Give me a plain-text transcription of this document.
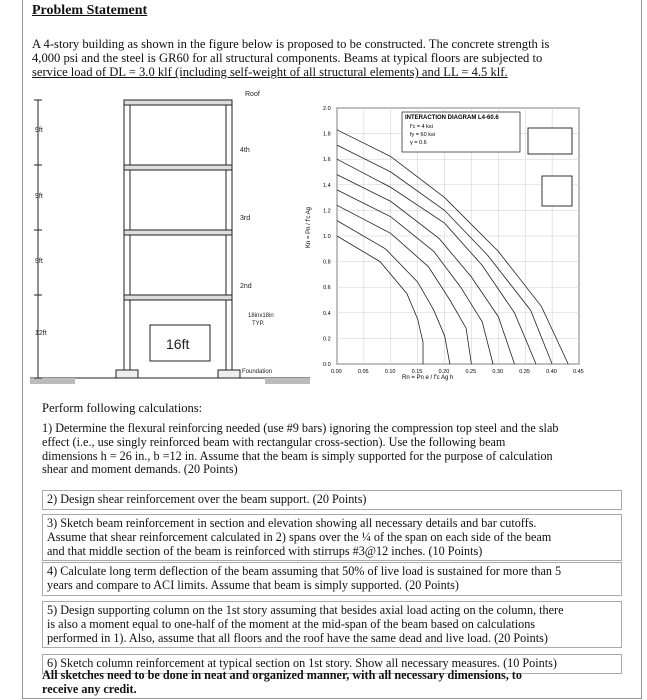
Problem Statement
A 4-story building as shown in the figure below is proposed to be constructed. The concrete strength is
4,000 psi and the steel is GR60 for all structural components. Beams at typical floors are subjected to
service load of DL = 3.0 klf (including self-weight of all structural elements) and LL = 4.5 klf.
Roof
9ft
9ft
9ft
12ft
4th
3rd
2nd
18inx18in
TYP.
Foundation
16ft
0.00	0.05	0.10	0.15	0.20	0.25	0.30	0.35	0.40	0.45
0.0
0.2
0.4
0.6
0.8
1.0
1.2
1.4
1.6
1.8
2.0
INTERACTION DIAGRAM L4-60.6
f'c = 4 ksi
fy = 60 ksi
γ = 0.6
Rn = Pn e / f'c Ag h
Kn = Pn / f'c Ag
Perform following calculations:
1) Determine the flexural reinforcing needed (use #9 bars) ignoring the compression top steel and the slab
effect (i.e., use singly reinforced beam with rectangular cross-section). Use the following beam
dimensions h = 26 in., b =12 in. Assume that the beam is simply supported for the purpose of calculation
shear and moment demands. (20 Points)
2) Design shear reinforcement over the beam support. (20 Points)
3) Sketch beam reinforcement in section and elevation showing all necessary details and bar cutoffs.
Assume that shear reinforcement calculated in 2) spans over the ¼ of the span on each side of the beam
and that middle section of the beam is reinforced with stirrups #3@12 inches. (10 Points)
4) Calculate long term deflection of the beam assuming that 50% of live load is sustained for more than 5
years and compare to ACI limits. Assume that beam is simply supported. (20 Points)
5) Design supporting column on the 1st story assuming that besides axial load acting on the column, there
is also a moment equal to one-half of the moment at the mid-span of the beam based on calculations
performed in 1). Also, assume that all floors and the roof have the same dead and live load. (20 Points)
6) Sketch column reinforcement at typical section on 1st story. Show all necessary measures. (10 Points)
All sketches need to be done in neat and organized manner, with all necessary dimensions, to
receive any credit.
